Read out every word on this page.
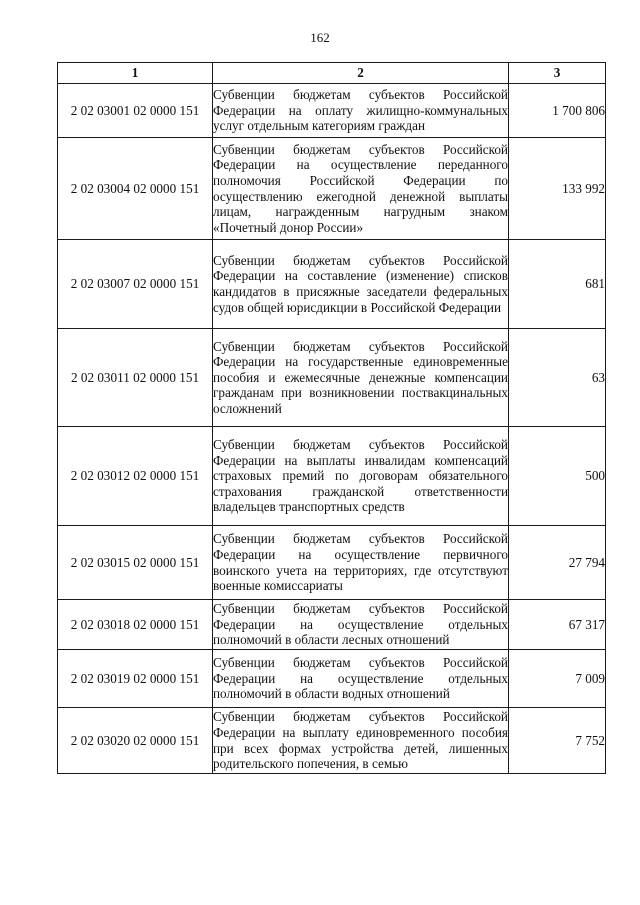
162
1	2	3
2 02 03001 02 0000 151	Субвенции бюджетам субъектов Российской Федерации на оплату жилищно-коммунальных услуг отдельным категориям граждан	1 700 806
2 02 03004 02 0000 151	Субвенции бюджетам субъектов Российской Федерации на осуществление переданного полномочия Российской Федерации по осуществлению ежегодной денежной выплаты лицам, награжденным нагрудным знаком «Почетный донор России»	133 992
2 02 03007 02 0000 151	Субвенции бюджетам субъектов Российской Федерации на составление (изменение) списков кандидатов в присяжные заседатели федеральных судов общей юрисдикции в Российской Федерации	681
2 02 03011 02 0000 151	Субвенции бюджетам субъектов Российской Федерации на государственные единовременные пособия и ежемесячные денежные компенсации гражданам при возникновении поствакцинальных осложнений	63
2 02 03012 02 0000 151	Субвенции бюджетам субъектов Российской Федерации на выплаты инвалидам компенсаций страховых премий по договорам обязательного страхования гражданской ответственности владельцев транспортных средств	500
2 02 03015 02 0000 151	Субвенции бюджетам субъектов Российской Федерации на осуществление первичного воинского учета на территориях, где отсутствуют военные комиссариаты	27 794
2 02 03018 02 0000 151	Субвенции бюджетам субъектов Российской Федерации на осуществление отдельных полномочий в области лесных отношений	67 317
2 02 03019 02 0000 151	Субвенции бюджетам субъектов Российской Федерации на осуществление отдельных полномочий в области водных отношений	7 009
2 02 03020 02 0000 151	Субвенции бюджетам субъектов Российской Федерации на выплату единовременного пособия при всех формах устройства детей, лишенных родительского попечения, в семью	7 752
